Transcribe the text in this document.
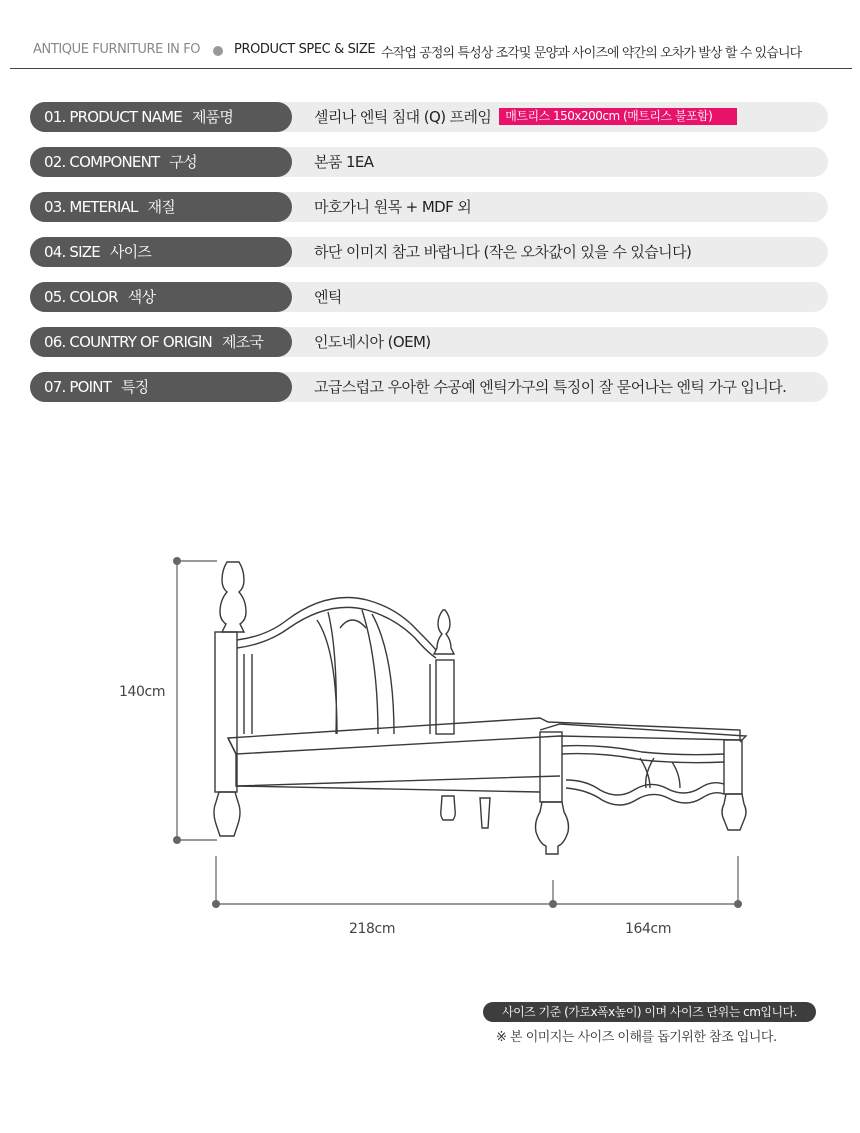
ANTIQUE FURNITURE IN FO	PRODUCT SPEC & SIZE 수작업 공정의 특성상 조각및 문양과 사이즈에 약간의 오차가 발상 할 수 있습니다
01. PRODUCT NAME 제품명	셀리나 엔틱 침대 (Q) 프레임 매트리스 150x200cm (매트리스 불포함)
02. COMPONENT 구성	본품 1EA
03. METERIAL 재질	마호가니 원목 + MDF 외
04. SIZE 사이즈	하단 이미지 참고 바랍니다 (작은 오차값이 있을 수 있습니다)
05. COLOR 색상	엔틱
06. COUNTRY OF ORIGIN 제조국	인도네시아 (OEM)
07. POINT 특징	고급스럽고 우아한 수공예 엔틱가구의 특징이 잘 묻어나는 엔틱 가구 입니다.
140cm
218cm	164cm
사이즈 기준 (가로x폭x높이) 이며 사이즈 단위는 cm입니다.
※ 본 이미지는 사이즈 이해를 돕기위한 참조 입니다.
